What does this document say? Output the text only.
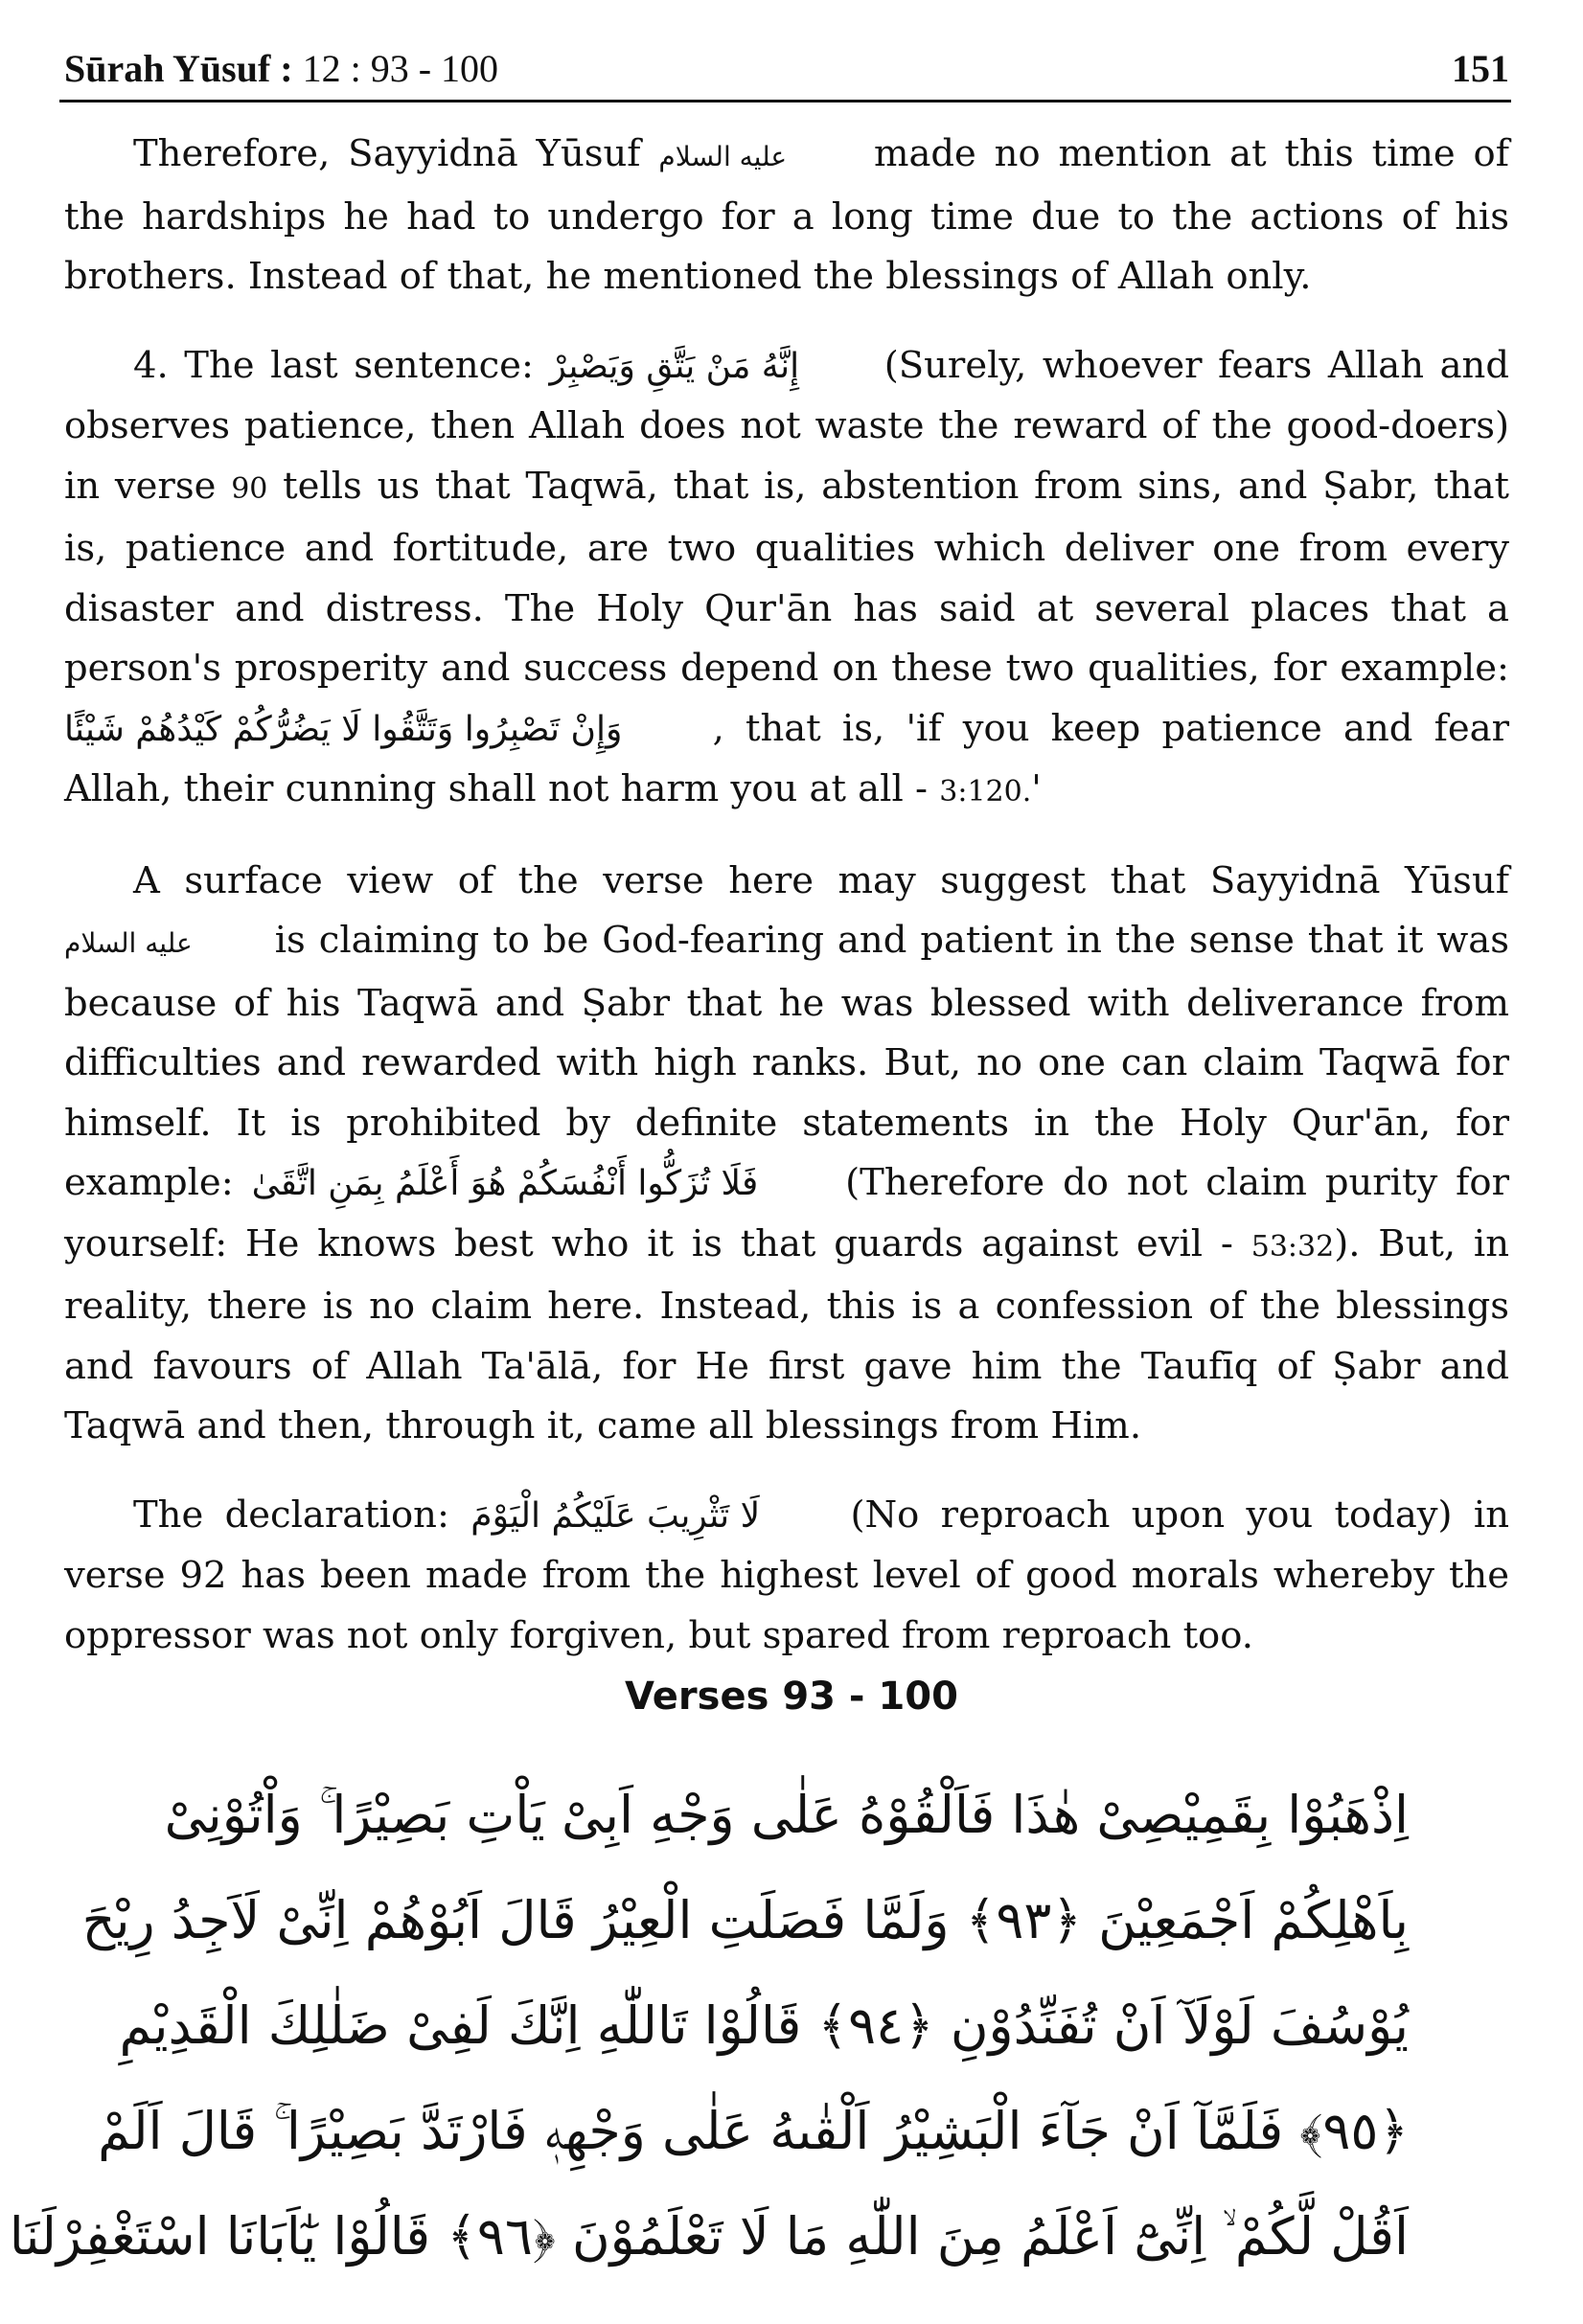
Sūrah Yūsuf : 12 : 93 - 100	151

Therefore, Sayyidnā Yūsuf عليه السلام made no mention at this time of the hardships he had to undergo for a long time due to the actions of his brothers. Instead of that, he mentioned the blessings of Allah only.

4. The last sentence: إِنَّهُ مَنْ يَتَّقِ وَيَصْبِرْ (Surely, whoever fears Allah and observes patience, then Allah does not waste the reward of the good-doers) in verse 90 tells us that Taqwā, that is, abstention from sins, and Ṣabr, that is, patience and fortitude, are two qualities which deliver one from every disaster and distress. The Holy Qur'ān has said at several places that a person's prosperity and success depend on these two qualities, for example: وَإِنْ تَصْبِرُوا وَتَتَّقُوا لَا يَضُرُّكُمْ كَيْدُهُمْ شَيْئًا , that is, 'if you keep patience and fear Allah, their cunning shall not harm you at all - 3:120.'

A surface view of the verse here may suggest that Sayyidnā Yūsuf عليه السلام is claiming to be God-fearing and patient in the sense that it was because of his Taqwā and Ṣabr that he was blessed with deliverance from difficulties and rewarded with high ranks. But, no one can claim Taqwā for himself. It is prohibited by definite statements in the Holy Qur'ān, for example: فَلَا تُزَكُّوا أَنْفُسَكُمْ هُوَ أَعْلَمُ بِمَنِ اتَّقَىٰ (Therefore do not claim purity for yourself: He knows best who it is that guards against evil - 53:32). But, in reality, there is no claim here. Instead, this is a confession of the blessings and favours of Allah Ta'ālā, for He first gave him the Taufīq of Ṣabr and Taqwā and then, through it, came all blessings from Him.

The declaration: لَا تَثْرِيبَ عَلَيْكُمُ الْيَوْمَ (No reproach upon you today) in verse 92 has been made from the highest level of good morals whereby the oppressor was not only forgiven, but spared from reproach too.

Verses 93 - 100
اِذْهَبُوْا بِقَمِيْصِىْ هٰذَا فَاَلْقُوْهُ عَلٰى وَجْهِ اَبِىْ يَاْتِ بَصِيْرًا ۚ وَاْتُوْنِىْ
بِاَهْلِكُمْ اَجْمَعِيْنَ ﴿٩٣﴾ وَلَمَّا فَصَلَتِ الْعِيْرُ قَالَ اَبُوْهُمْ اِنِّىْ لَاَجِدُ رِيْحَ
يُوْسُفَ لَوْلَآ اَنْ تُفَنِّدُوْنِ ﴿٩٤﴾ قَالُوْا تَاللّٰهِ اِنَّكَ لَفِىْ ضَلٰلِكَ الْقَدِيْمِ
﴿٩٥﴾ فَلَمَّآ اَنْ جَآءَ الْبَشِيْرُ اَلْقٰىهُ عَلٰى وَجْهِهٖ فَارْتَدَّ بَصِيْرًا ۚ قَالَ اَلَمْ
اَقُلْ لَّكُمْ ۙ اِنِّىْٓ اَعْلَمُ مِنَ اللّٰهِ مَا لَا تَعْلَمُوْنَ ﴿٩٦﴾ قَالُوْا يٰٓاَبَانَا اسْتَغْفِرْلَنَا
